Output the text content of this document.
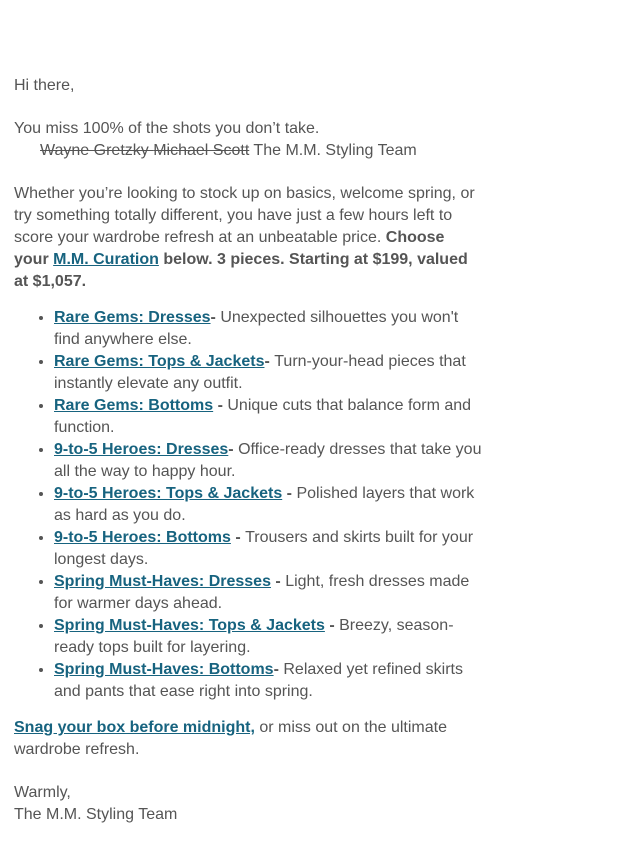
Hi there,

You miss 100% of the shots you don’t take.

Wayne Gretzky Michael Scott The M.M. Styling Team

Whether you’re looking to stock up on basics, welcome spring, or try something totally different, you have just a few hours left to score your wardrobe refresh at an unbeatable price. Choose your M.M. Curation below. 3 pieces. Starting at $199, valued at $1,057.

• Rare Gems: Dresses- Unexpected silhouettes you won't find anywhere else.
• Rare Gems: Tops & Jackets- Turn-your-head pieces that instantly elevate any outfit.
• Rare Gems: Bottoms - Unique cuts that balance form and function.
• 9-to-5 Heroes: Dresses- Office-ready dresses that take you all the way to happy hour.
• 9-to-5 Heroes: Tops & Jackets - Polished layers that work as hard as you do.
• 9-to-5 Heroes: Bottoms - Trousers and skirts built for your longest days.
• Spring Must-Haves: Dresses - Light, fresh dresses made for warmer days ahead.
• Spring Must-Haves: Tops & Jackets - Breezy, season-ready tops built for layering.
• Spring Must-Haves: Bottoms- Relaxed yet refined skirts and pants that ease right into spring.

Snag your box before midnight, or miss out on the ultimate wardrobe refresh.

Warmly,

The M.M. Styling Team
